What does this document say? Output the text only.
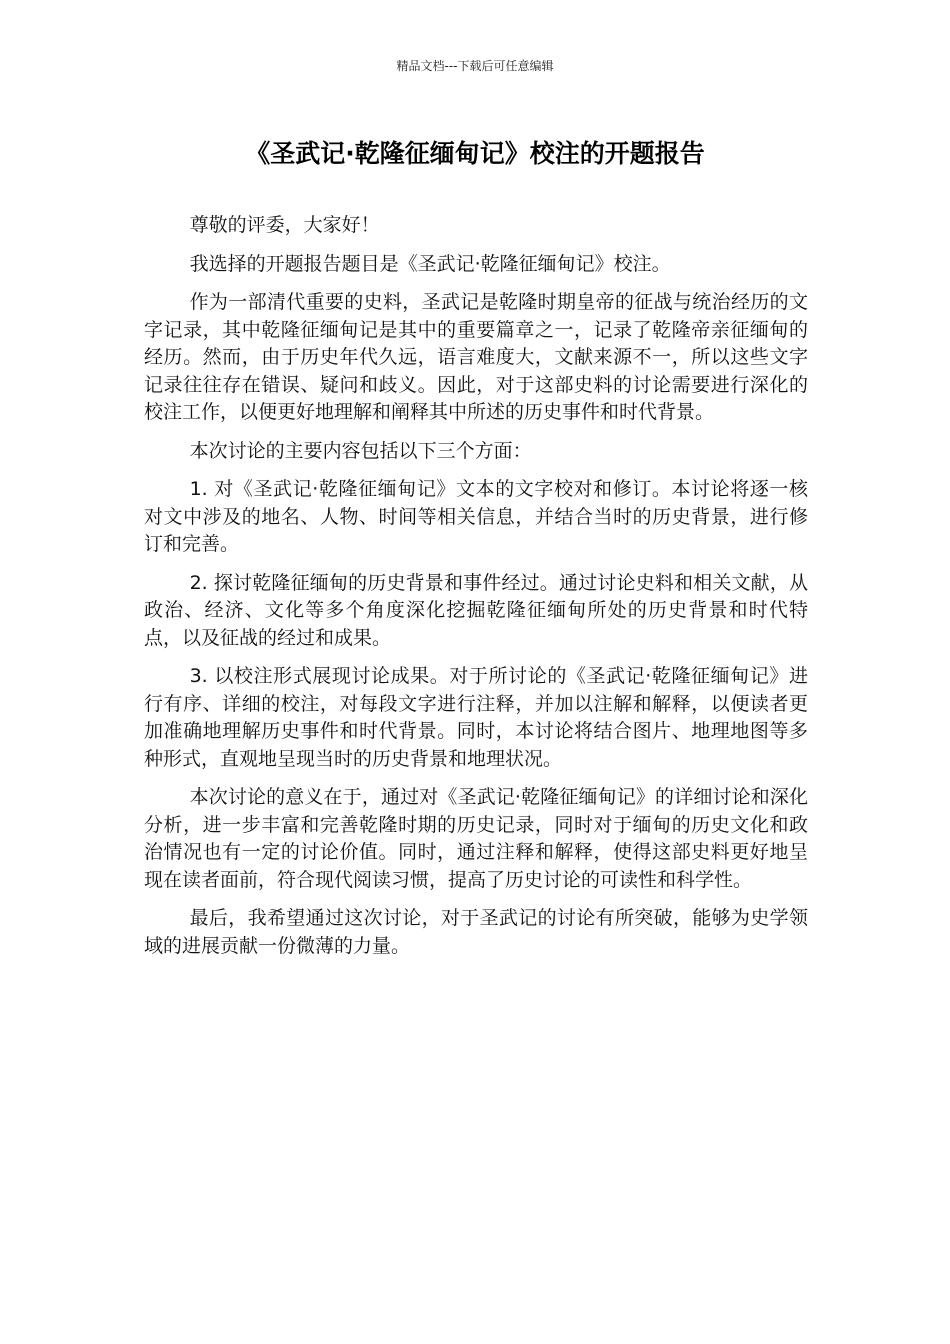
精品文档---下载后可任意编辑
《圣武记·乾隆征缅甸记》校注的开题报告

尊敬的评委，大家好！

我选择的开题报告题目是《圣武记·乾隆征缅甸记》校注。

作为一部清代重要的史料，圣武记是乾隆时期皇帝的征战与统治经历的文字记录，其中乾隆征缅甸记是其中的重要篇章之一，记录了乾隆帝亲征缅甸的经历。然而，由于历史年代久远，语言难度大，文献来源不一，所以这些文字记录往往存在错误、疑问和歧义。因此，对于这部史料的讨论需要进行深化的校注工作，以便更好地理解和阐释其中所述的历史事件和时代背景。

本次讨论的主要内容包括以下三个方面：

1. 对《圣武记·乾隆征缅甸记》文本的文字校对和修订。本讨论将逐一核对文中涉及的地名、人物、时间等相关信息，并结合当时的历史背景，进行修订和完善。

2. 探讨乾隆征缅甸的历史背景和事件经过。通过讨论史料和相关文献，从政治、经济、文化等多个角度深化挖掘乾隆征缅甸所处的历史背景和时代特点，以及征战的经过和成果。

3. 以校注形式展现讨论成果。对于所讨论的《圣武记·乾隆征缅甸记》进行有序、详细的校注，对每段文字进行注释，并加以注解和解释，以便读者更加准确地理解历史事件和时代背景。同时，本讨论将结合图片、地理地图等多种形式，直观地呈现当时的历史背景和地理状况。

本次讨论的意义在于，通过对《圣武记·乾隆征缅甸记》的详细讨论和深化分析，进一步丰富和完善乾隆时期的历史记录，同时对于缅甸的历史文化和政治情况也有一定的讨论价值。同时，通过注释和解释，使得这部史料更好地呈现在读者面前，符合现代阅读习惯，提高了历史讨论的可读性和科学性。

最后，我希望通过这次讨论，对于圣武记的讨论有所突破，能够为史学领域的进展贡献一份微薄的力量。
